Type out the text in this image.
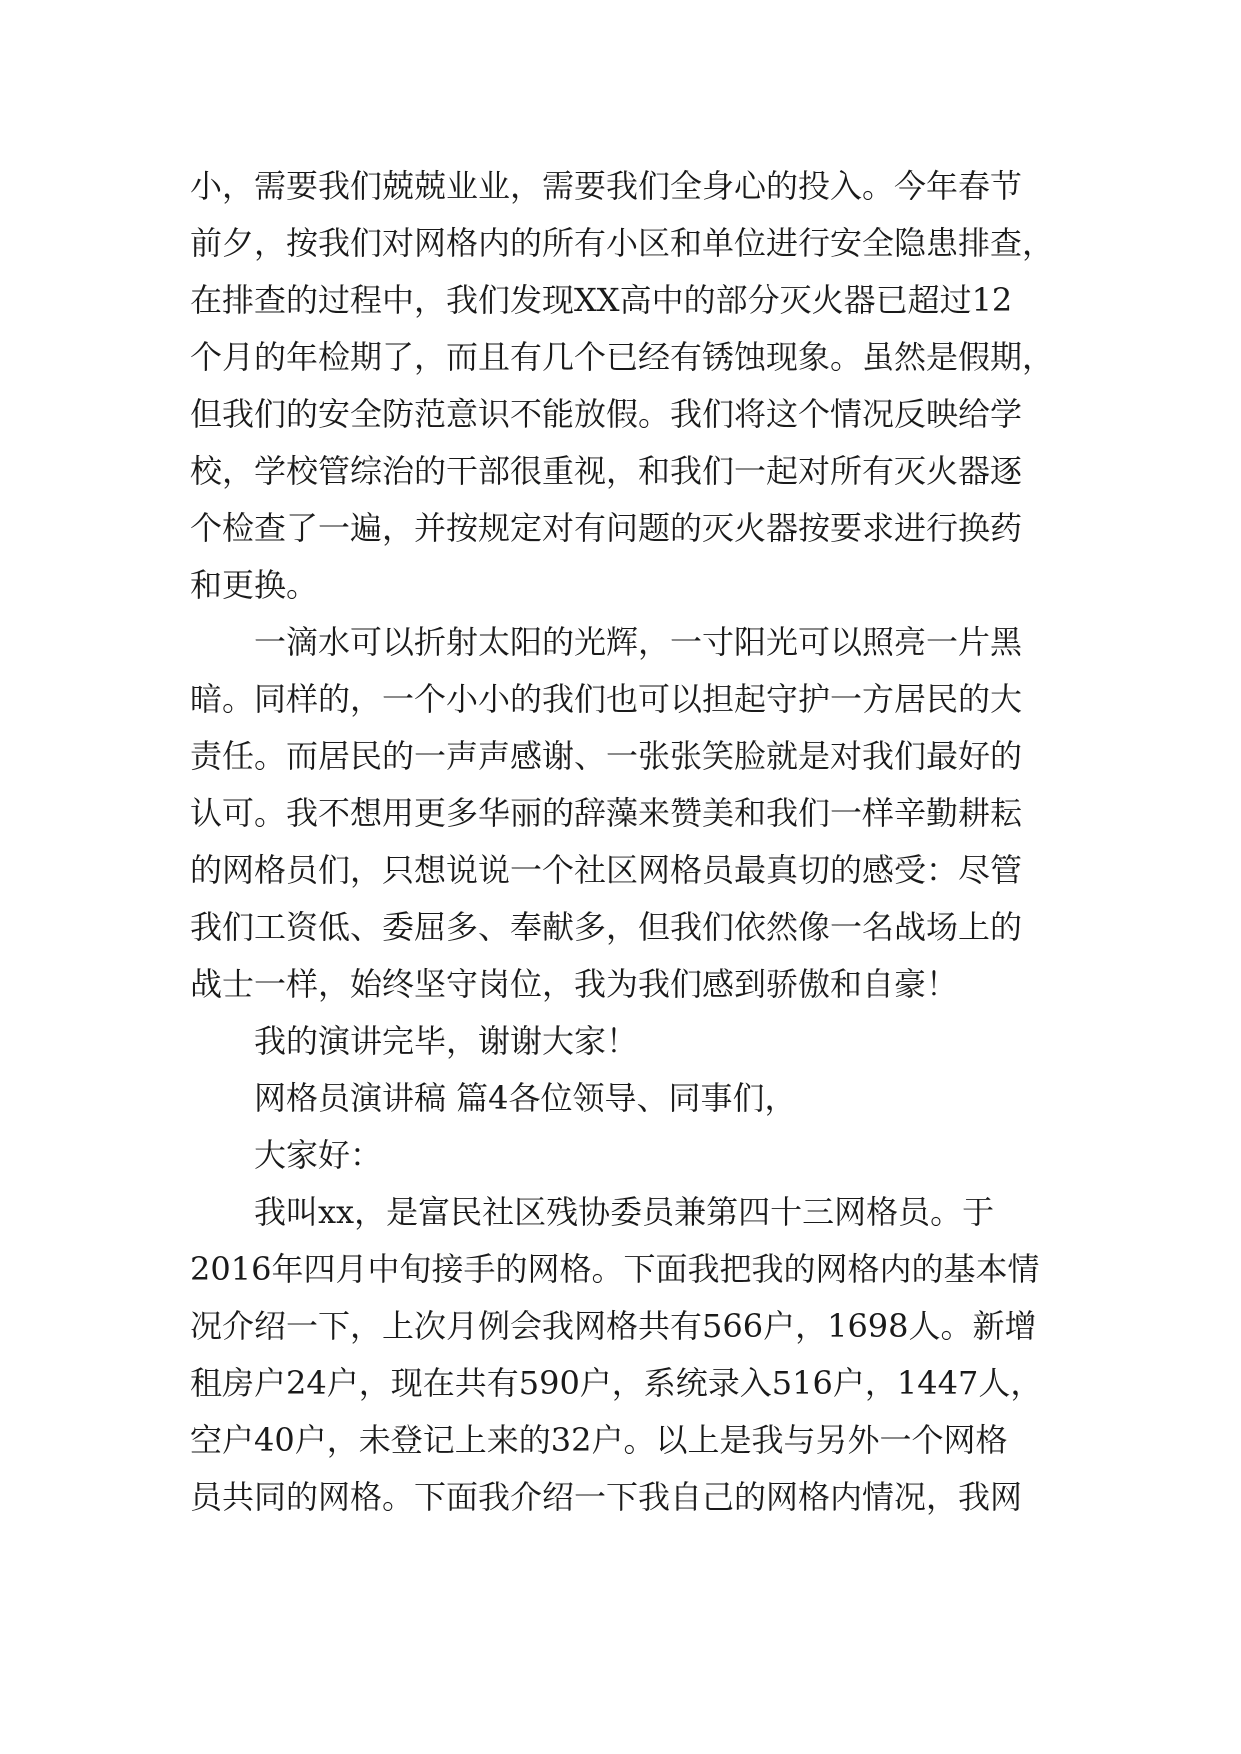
小，需要我们兢兢业业，需要我们全身心的投入。今年春节
前夕，按我们对网格内的所有小区和单位进行安全隐患排查，
在排查的过程中，我们发现XX高中的部分灭火器已超过12
个月的年检期了，而且有几个已经有锈蚀现象。虽然是假期，
但我们的安全防范意识不能放假。我们将这个情况反映给学
校，学校管综治的干部很重视，和我们一起对所有灭火器逐
个检查了一遍，并按规定对有问题的灭火器按要求进行换药
和更换。
一滴水可以折射太阳的光辉，一寸阳光可以照亮一片黑
暗。同样的，一个小小的我们也可以担起守护一方居民的大
责任。而居民的一声声感谢、一张张笑脸就是对我们最好的
认可。我不想用更多华丽的辞藻来赞美和我们一样辛勤耕耘
的网格员们，只想说说一个社区网格员最真切的感受：尽管
我们工资低、委屈多、奉献多，但我们依然像一名战场上的
战士一样，始终坚守岗位，我为我们感到骄傲和自豪！
我的演讲完毕，谢谢大家！
网格员演讲稿 篇4各位领导、同事们，
大家好：
我叫xx，是富民社区残协委员兼第四十三网格员。于
2016年四月中旬接手的网格。下面我把我的网格内的基本情
况介绍一下，上次月例会我网格共有566户，1698人。新增
租房户24户，现在共有590户，系统录入516户，1447人，
空户40户，未登记上来的32户。以上是我与另外一个网格
员共同的网格。下面我介绍一下我自己的网格内情况，我网
